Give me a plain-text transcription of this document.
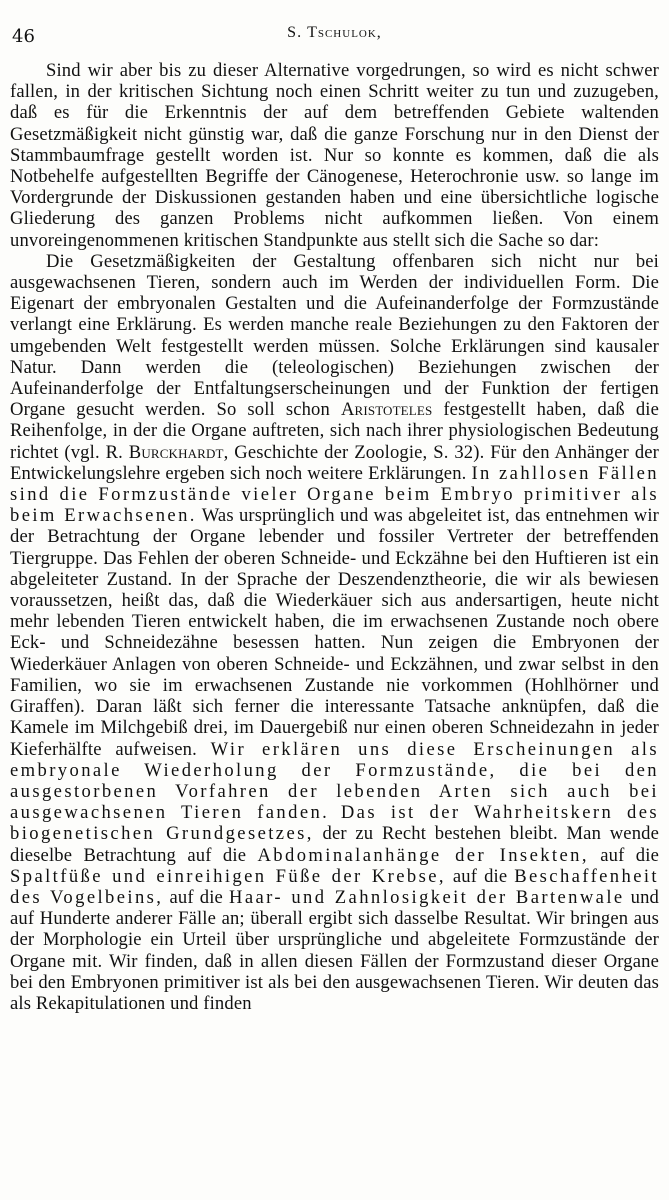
46	S. Tschulok,

Sind wir aber bis zu dieser Alternative vorgedrungen, so wird es nicht schwer fallen, in der kritischen Sichtung noch einen Schritt weiter zu tun und zuzugeben, daß es für die Erkenntnis der auf dem betreffenden Gebiete waltenden Gesetzmäßigkeit nicht günstig war, daß die ganze Forschung nur in den Dienst der Stammbaumfrage gestellt worden ist. Nur so konnte es kommen, daß die als Notbehelfe aufgestellten Begriffe der Cänogenese, Heterochronie usw. so lange im Vordergrunde der Diskussionen gestanden haben und eine übersichtliche logische Gliederung des ganzen Problems nicht aufkommen ließen. Von einem unvoreingenommenen kritischen Standpunkte aus stellt sich die Sache so dar:

Die Gesetzmäßigkeiten der Gestaltung offenbaren sich nicht nur bei ausgewachsenen Tieren, sondern auch im Werden der individuellen Form. Die Eigenart der embryonalen Gestalten und die Aufeinanderfolge der Formzustände verlangt eine Erklärung. Es werden manche reale Beziehungen zu den Faktoren der umgebenden Welt festgestellt werden müssen. Solche Erklärungen sind kausaler Natur. Dann werden die (teleologischen) Beziehungen zwischen der Aufeinanderfolge der Entfaltungserscheinungen und der Funktion der fertigen Organe gesucht werden. So soll schon Aristoteles festgestellt haben, daß die Reihenfolge, in der die Organe auftreten, sich nach ihrer physiologischen Bedeutung richtet (vgl. R. Burckhardt, Geschichte der Zoologie, S. 32). Für den Anhänger der Entwickelungslehre ergeben sich noch weitere Erklärungen. In zahllosen Fällen sind die Formzustände vieler Organe beim Embryo primitiver als beim Erwachsenen. Was ursprünglich und was abgeleitet ist, das entnehmen wir der Betrachtung der Organe lebender und fossiler Vertreter der betreffenden Tiergruppe. Das Fehlen der oberen Schneide- und Eckzähne bei den Huftieren ist ein abgeleiteter Zustand. In der Sprache der Deszendenztheorie, die wir als bewiesen voraussetzen, heißt das, daß die Wiederkäuer sich aus andersartigen, heute nicht mehr lebenden Tieren entwickelt haben, die im erwachsenen Zustande noch obere Eck- und Schneidezähne besessen hatten. Nun zeigen die Embryonen der Wiederkäuer Anlagen von oberen Schneide- und Eckzähnen, und zwar selbst in den Familien, wo sie im erwachsenen Zustande nie vorkommen (Hohlhörner und Giraffen). Daran läßt sich ferner die interessante Tatsache anknüpfen, daß die Kamele im Milchgebiß drei, im Dauergebiß nur einen oberen Schneidezahn in jeder Kieferhälfte aufweisen. Wir erklären uns diese Erscheinungen als embryonale Wiederholung der Formzustände, die bei den ausgestorbenen Vorfahren der lebenden Arten sich auch bei ausgewachsenen Tieren fanden. Das ist der Wahrheitskern des biogenetischen Grundgesetzes, der zu Recht bestehen bleibt. Man wende dieselbe Betrachtung auf die Abdominalanhänge der Insekten, auf die Spaltfüße und einreihigen Füße der Krebse, auf die Beschaffenheit des Vogelbeins, auf die Haar- und Zahnlosigkeit der Bartenwale und auf Hunderte anderer Fälle an; überall ergibt sich dasselbe Resultat. Wir bringen aus der Morphologie ein Urteil über ursprüngliche und abgeleitete Formzustände der Organe mit. Wir finden, daß in allen diesen Fällen der Formzustand dieser Organe bei den Embryonen primitiver ist als bei den ausgewachsenen Tieren. Wir deuten das als Rekapitulationen und finden
